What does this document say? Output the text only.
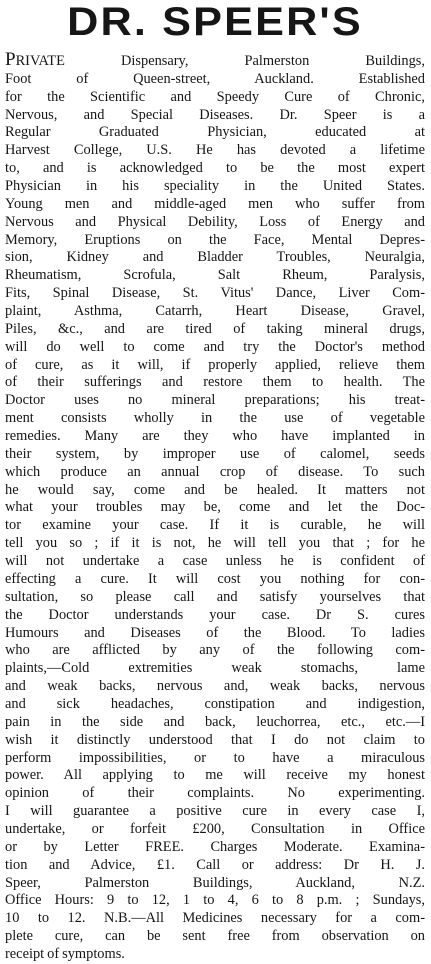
DR. SPEER'S
PRIVATE Dispensary, Palmerston Buildings,
Foot of Queen-street, Auckland. Established
for the Scientific and Speedy Cure of Chronic,
Nervous, and Special Diseases. Dr. Speer is a
Regular Graduated Physician, educated at
Harvest College, U.S. He has devoted a lifetime
to, and is acknowledged to be the most expert
Physician in his speciality in the United States.
Young men and middle-aged men who suffer from
Nervous and Physical Debility, Loss of Energy and
Memory, Eruptions on the Face, Mental Depres-
sion, Kidney and Bladder Troubles, Neuralgia,
Rheumatism, Scrofula, Salt Rheum, Paralysis,
Fits, Spinal Disease, St. Vitus' Dance, Liver Com-
plaint, Asthma, Catarrh, Heart Disease, Gravel,
Piles, &c., and are tired of taking mineral drugs,
will do well to come and try the Doctor's method
of cure, as it will, if properly applied, relieve them
of their sufferings and restore them to health. The
Doctor uses no mineral preparations; his treat-
ment consists wholly in the use of vegetable
remedies. Many are they who have implanted in
their system, by improper use of calomel, seeds
which produce an annual crop of disease. To such
he would say, come and be healed. It matters not
what your troubles may be, come and let the Doc-
tor examine your case. If it is curable, he will
tell you so ; if it is not, he will tell you that ; for he
will not undertake a case unless he is confident of
effecting a cure. It will cost you nothing for con-
sultation, so please call and satisfy yourselves that
the Doctor understands your case. Dr S. cures
Humours and Diseases of the Blood. To ladies
who are afflicted by any of the following com-
plaints,—Cold extremities weak stomachs, lame
and weak backs, nervous and, weak backs, nervous
and sick headaches, constipation and indigestion,
pain in the side and back, leuchorrea, etc., etc.—I
wish it distinctly understood that I do not claim to
perform impossibilities, or to have a miraculous
power. All applying to me will receive my honest
opinion of their complaints. No experimenting.
I will guarantee a positive cure in every case I,
undertake, or forfeit £200, Consultation in Office
or by Letter FREE. Charges Moderate. Examina-
tion and Advice, £1. Call or address: Dr H. J.
Speer, Palmerston Buildings, Auckland, N.Z.
Office Hours: 9 to 12, 1 to 4, 6 to 8 p.m. ; Sundays,
10 to 12. N.B.—All Medicines necessary for a com-
plete cure, can be sent free from observation on
receipt of symptoms.
